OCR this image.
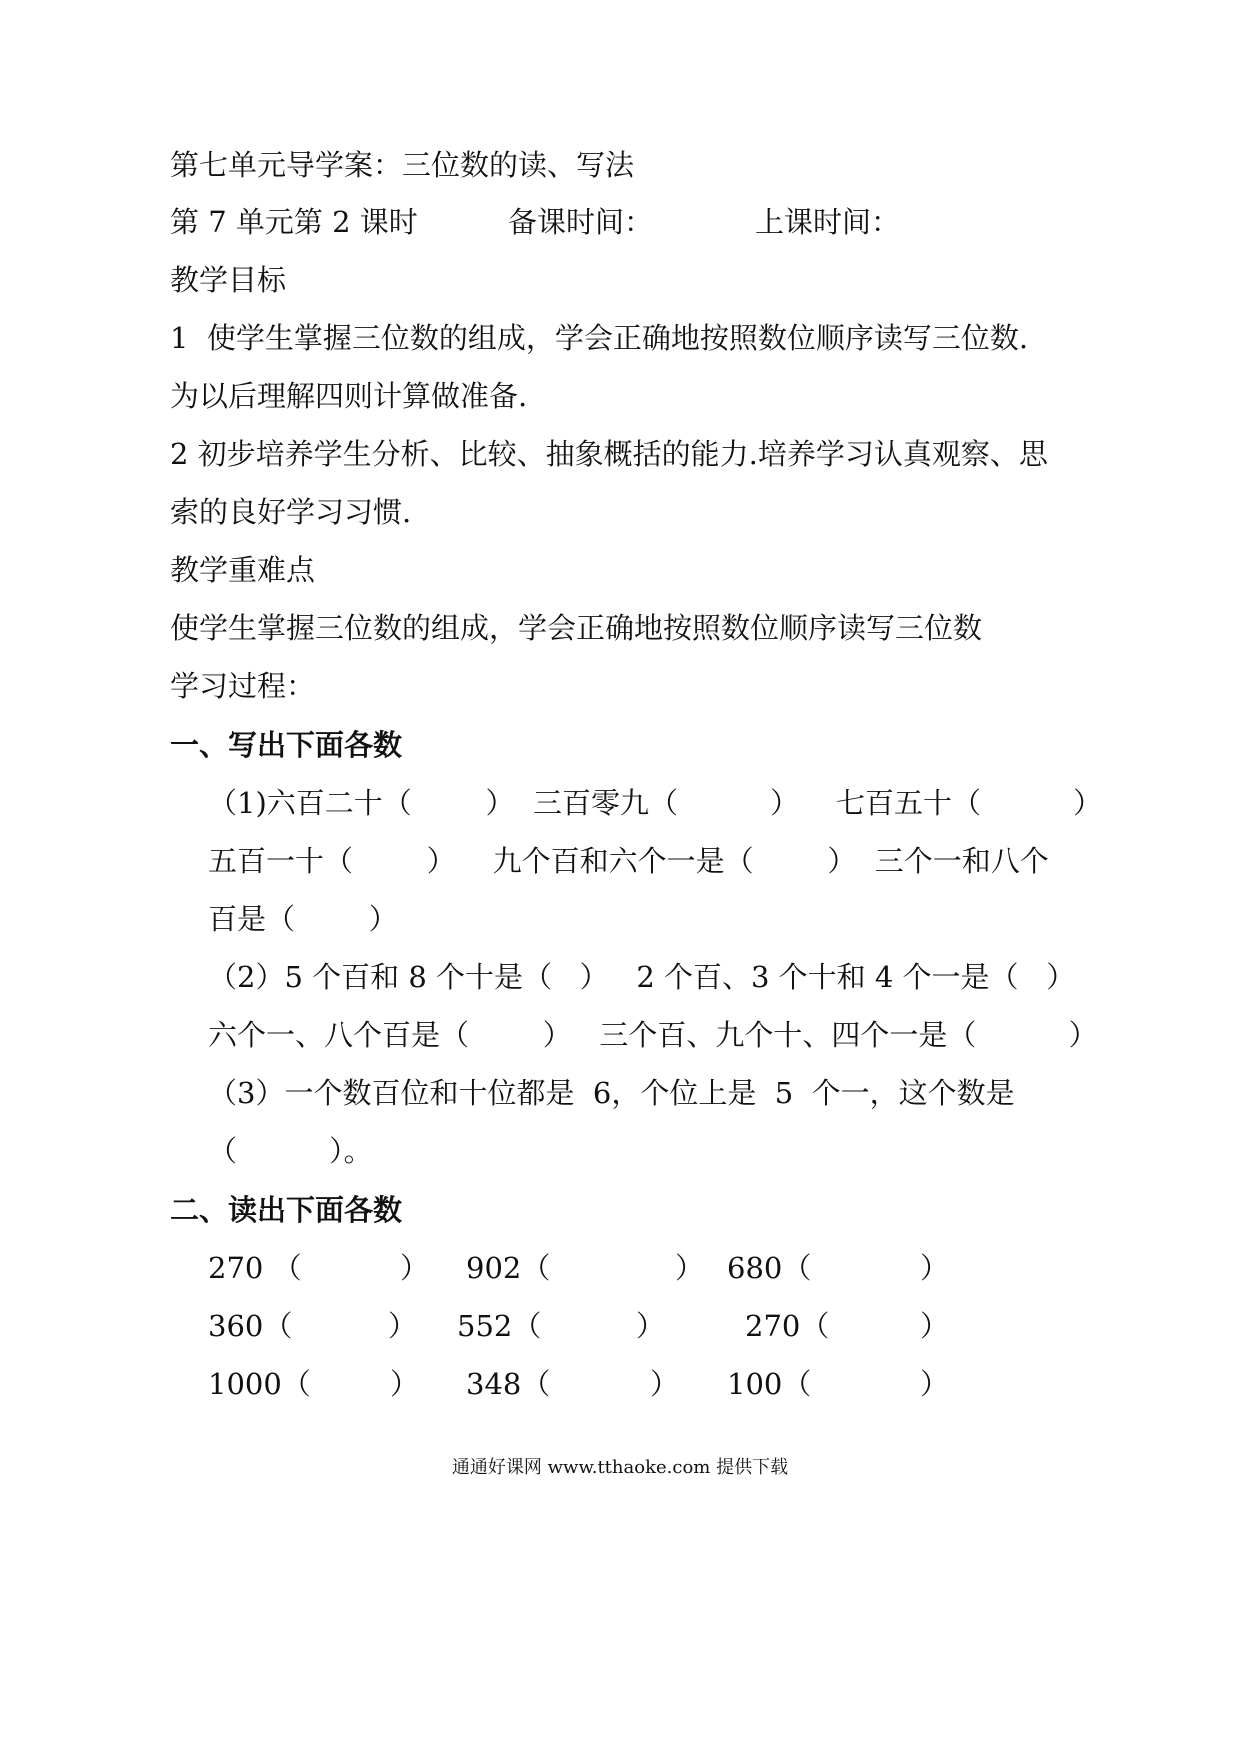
第七单元导学案：三位数的读、写法
第 7 单元第 2 课时	备课时间：	上课时间：
教学目标
1  使学生掌握三位数的组成，学会正确地按照数位顺序读写三位数.
为以后理解四则计算做准备.
2 初步培养学生分析、比较、抽象概括的能力.培养学习认真观察、思
索的良好学习习惯.
教学重难点
使学生掌握三位数的组成，学会正确地按照数位顺序读写三位数
学习过程：
一、写出下面各数
（1)六百二十（        ）  三百零九（          ）    七百五十（          ）
五百一十（        ）    九个百和六个一是（        ）  三个一和八个
百是（        ）
（2）5 个百和 8 个十是（   ）   2 个百、3 个十和 4 个一是（   ）
六个一、八个百是（        ）   三个百、九个十、四个一是（          ）
（3）一个数百位和十位都是  6，个位上是  5  个一，这个数是
（          ）。
二、读出下面各数
270 （	） 902（	） 680（	）
360（	） 552（	）	270（	）
1000（	） 348（	） 100（	）
通通好课网 www.tthaoke.com 提供下载
